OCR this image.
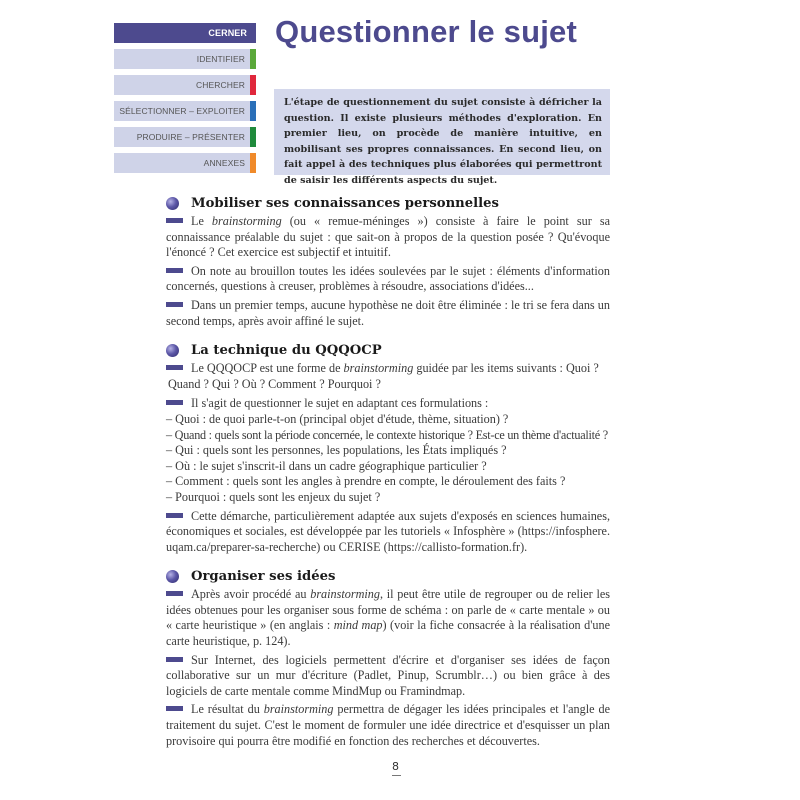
CERNER
IDENTIFIER
CHERCHER
SÉLECTIONNER – EXPLOITER
PRODUIRE – PRÉSENTER
ANNEXES
Questionner le sujet

L'étape de questionnement du sujet consiste à défricher la question. Il existe plusieurs méthodes d'exploration. En premier lieu, on procède de manière intuitive, en mobilisant ses propres connaissances. En second lieu, on fait appel à des techniques plus élaborées qui permettront de saisir les différents aspects du sujet.

Mobiliser ses connaissances personnelles

Le brainstorming (ou « remue-méninges ») consiste à faire le point sur sa connaissance préalable du sujet : que sait-on à propos de la question posée ? Qu'évoque l'énoncé ? Cet exercice est subjectif et intuitif.

On note au brouillon toutes les idées soulevées par le sujet : éléments d'information concernés, questions à creuser, problèmes à résoudre, associations d'idées...

Dans un premier temps, aucune hypothèse ne doit être éliminée : le tri se fera dans un second temps, après avoir affiné le sujet.

La technique du QQQOCP

Le QQQOCP est une forme de brainstorming guidée par les items suivants : Quoi ?

Quand ? Qui ? Où ? Comment ? Pourquoi ?

Il s'agit de questionner le sujet en adaptant ces formulations :

– Quoi : de quoi parle-t-on (principal objet d'étude, thème, situation) ?

– Quand : quels sont la période concernée, le contexte historique ? Est-ce un thème d'actualité ?

– Qui : quels sont les personnes, les populations, les États impliqués ?

– Où : le sujet s'inscrit-il dans un cadre géographique particulier ?

– Comment : quels sont les angles à prendre en compte, le déroulement des faits ?

– Pourquoi : quels sont les enjeux du sujet ?

Cette démarche, particulièrement adaptée aux sujets d'exposés en sciences humaines, économiques et sociales, est développée par les tutoriels « Infosphère » (https://infosphere. uqam.ca/preparer-sa-recherche) ou CERISE (https://callisto-formation.fr).

Organiser ses idées

Après avoir procédé au brainstorming, il peut être utile de regrouper ou de relier les idées obtenues pour les organiser sous forme de schéma : on parle de « carte mentale » ou « carte heuristique » (en anglais : mind map) (voir la fiche consacrée à la réalisation d'une carte heuristique, p. 124).

Sur Internet, des logiciels permettent d'écrire et d'organiser ses idées de façon collaborative sur un mur d'écriture (Padlet, Pinup, Scrumblr…) ou bien grâce à des logiciels de carte mentale comme MindMup ou Framindmap.

Le résultat du brainstorming permettra de dégager les idées principales et l'angle de traitement du sujet. C'est le moment de formuler une idée directrice et d'esquisser un plan provisoire qui pourra être modifié en fonction des recherches et découvertes.

8
